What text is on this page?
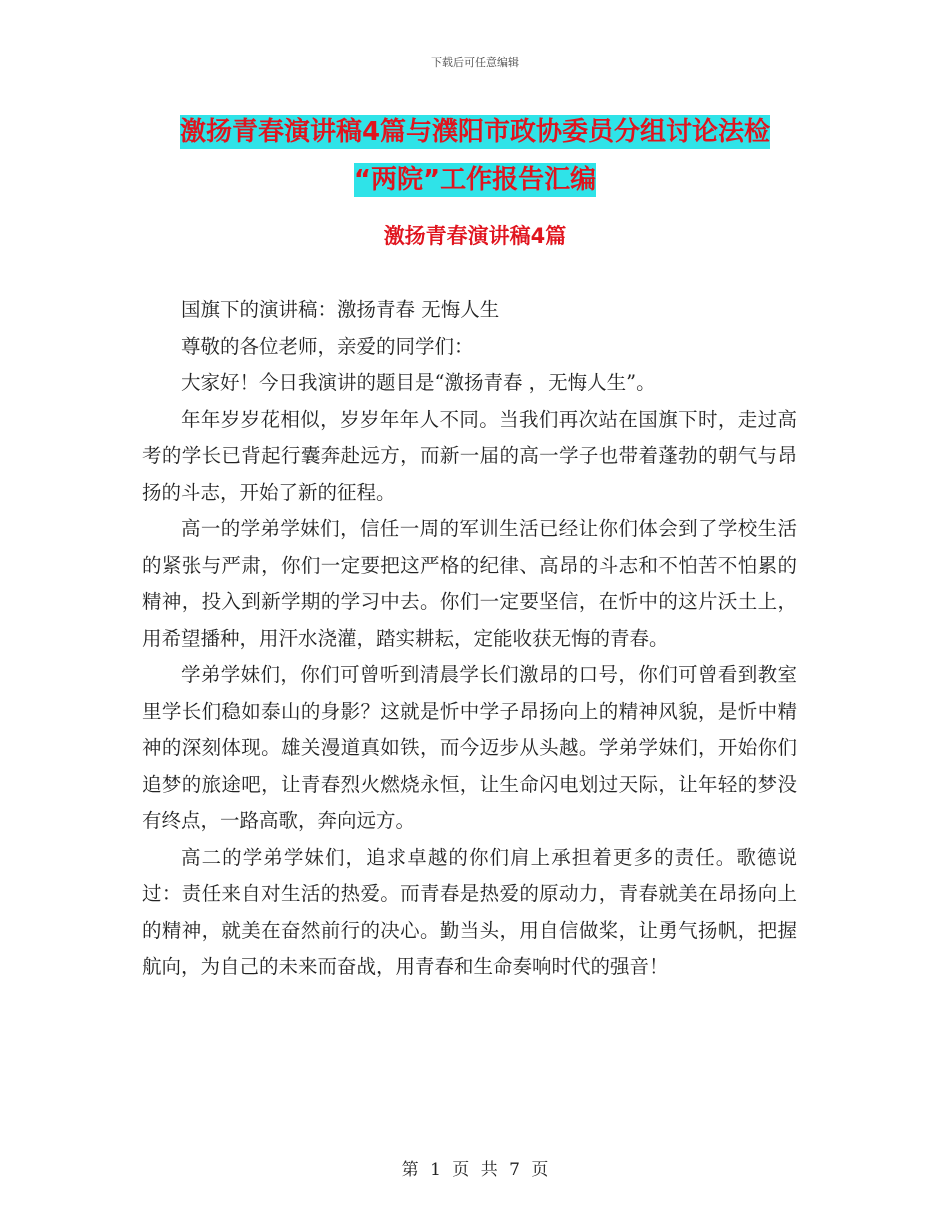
下载后可任意编辑
激扬青春演讲稿4篇与濮阳市政协委员分组讨论法检
“两院”工作报告汇编
激扬青春演讲稿4篇

国旗下的演讲稿：激扬青春 无悔人生

尊敬的各位老师，亲爱的同学们：

大家好！今日我演讲的题目是“激扬青春 ，无悔人生”。

年年岁岁花相似，岁岁年年人不同。当我们再次站在国旗下时，走过高考的学长已背起行囊奔赴远方，而新一届的高一学子也带着蓬勃的朝气与昂扬的斗志，开始了新的征程。

高一的学弟学妹们，信任一周的军训生活已经让你们体会到了学校生活的紧张与严肃，你们一定要把这严格的纪律、高昂的斗志和不怕苦不怕累的精神，投入到新学期的学习中去。你们一定要坚信，在忻中的这片沃土上，用希望播种，用汗水浇灌，踏实耕耘，定能收获无悔的青春。

学弟学妹们，你们可曾听到清晨学长们激昂的口号，你们可曾看到教室里学长们稳如泰山的身影？这就是忻中学子昂扬向上的精神风貌，是忻中精神的深刻体现。雄关漫道真如铁，而今迈步从头越。学弟学妹们，开始你们追梦的旅途吧，让青春烈火燃烧永恒，让生命闪电划过天际，让年轻的梦没有终点，一路高歌，奔向远方。

高二的学弟学妹们，追求卓越的你们肩上承担着更多的责任。歌德说过：责任来自对生活的热爱。而青春是热爱的原动力，青春就美在昂扬向上的精神，就美在奋然前行的决心。勤当头，用自信做桨，让勇气扬帆，把握航向，为自己的未来而奋战，用青春和生命奏响时代的强音！

第 1 页 共 7 页
